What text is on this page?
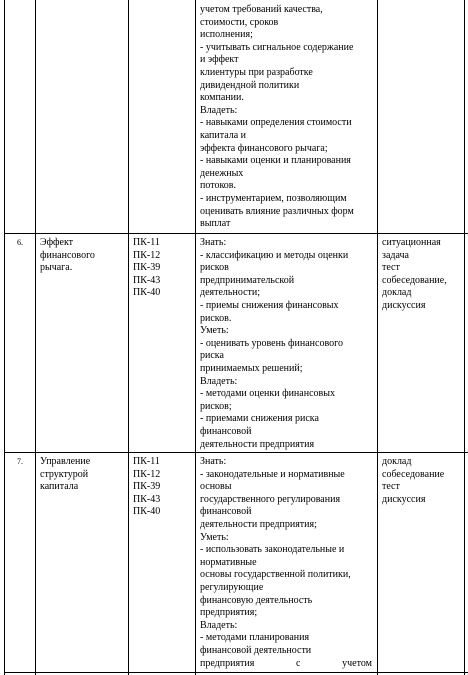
учетом требований качества,
стоимости, сроков
исполнения;
- учитывать сигнальное содержание
и эффект
клиентуры при разработке
дивидендной политики
компании.
Владеть:
- навыками определения стоимости
капитала и
эффекта финансового рычага;
- навыками оценки и планирования
денежных
потоков.
- инструментарием, позволяющим
оценивать влияние различных форм
выплат
6. Эффект
финансового
рычага.
ПК-11
ПК-12
ПК-39
ПК-43
ПК-40
Знать:
- классификацию и методы оценки
рисков
предпринимательской
деятельности;
- приемы снижения финансовых
рисков.
Уметь:
- оценивать уровень финансового
риска
принимаемых решений;
Владеть:
- методами оценки финансовых
рисков;
- приемами снижения риска
финансовой
деятельности предприятия
ситуационная
задача
тест
собеседование,
доклад
дискуссия
7. Управление
структурой
капитала
ПК-11
ПК-12
ПК-39
ПК-43
ПК-40
Знать:
- законодательные и нормативные
основы
государственного регулирования
финансовой
деятельности предприятия;
Уметь:
- использовать законодательные и
нормативные
основы государственной политики,
регулирующие
финансовую деятельность
предприятия;
Владеть:
- методами планирования
финансовой деятельности
предприятия	с	учетом
доклад
собеседование
тест
дискуссия
